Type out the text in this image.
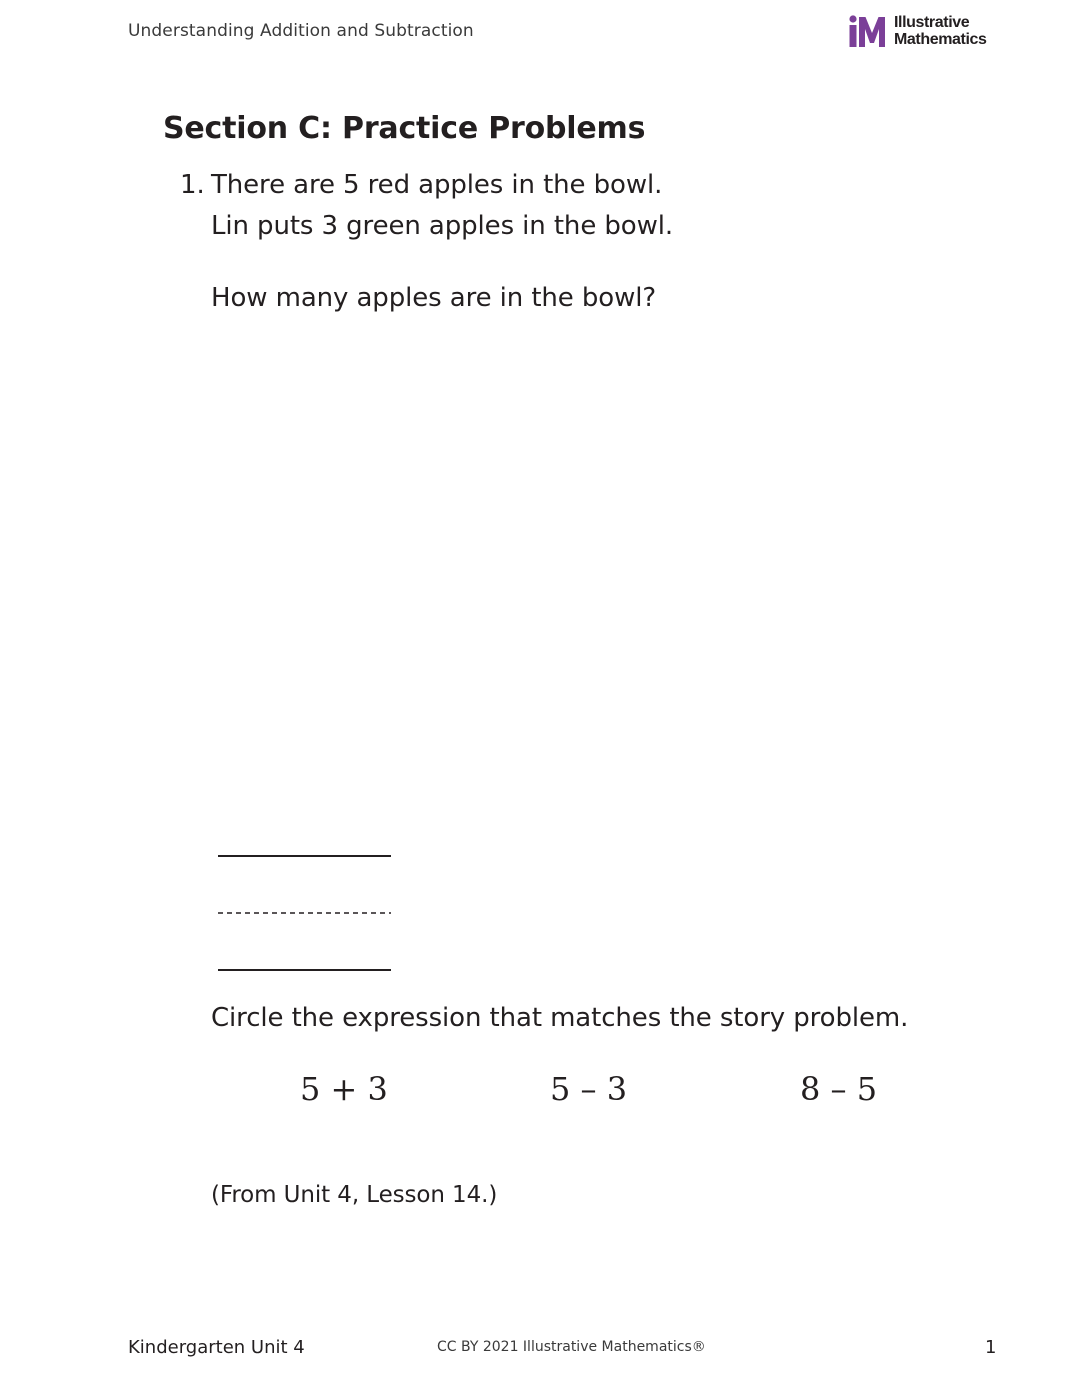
Understanding Addition and Subtraction	Illustrative
Mathematics
Section C: Practice Problems
1. There are 5 red apples in the bowl.
Lin puts 3 green apples in the bowl.
How many apples are in the bowl?
Circle the expression that matches the story problem.
5 + 3	5 – 3	8 – 5
(From Unit 4, Lesson 14.)
Kindergarten Unit 4	CC BY 2021 Illustrative Mathematics®	1
